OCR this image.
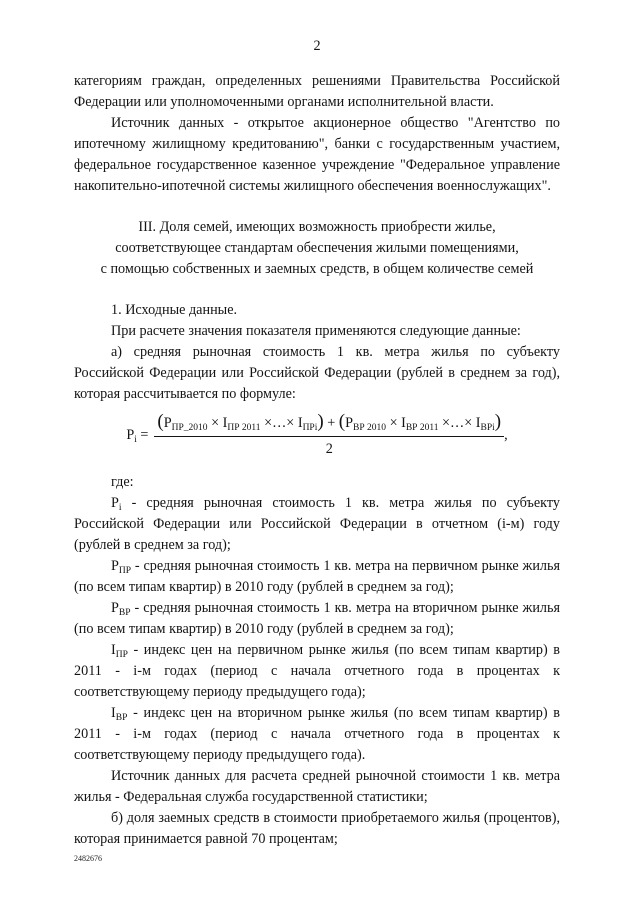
2

категориям граждан, определенных решениями Правительства Российской Федерации или уполномоченными органами исполнительной власти.

Источник данных - открытое акционерное общество "Агентство по ипотечному жилищному кредитованию", банки с государственным участием, федеральное государственное казенное учреждение "Федеральное управление накопительно-ипотечной системы жилищного обеспечения военнослужащих".

III. Доля семей, имеющих возможность приобрести жилье,
соответствующее стандартам обеспечения жилыми помещениями,
с помощью собственных и заемных средств, в общем количестве семей

1. Исходные данные.

При расчете значения показателя применяются следующие данные:

а) средняя рыночная стоимость 1 кв. метра жилья по субъекту Российской Федерации или Российской Федерации (рублей в среднем за год), которая рассчитывается по формуле:

$P_i$ =
($P_{ПР\_2010} \times I_{ПР 2011}$ ×…× $I_{ПРi}) + (P_{ВР 2010} \times I_{ВР 2011}$ ×…× $I_{ВРi}$)
2
,

где:

$P_i$ - средняя рыночная стоимость 1 кв. метра жилья по субъекту Российской Федерации или Российской Федерации в отчетном (i-м) году (рублей в среднем за год);

$P_{ПР}$ - средняя рыночная стоимость 1 кв. метра на первичном рынке жилья (по всем типам квартир) в 2010 году (рублей в среднем за год);

$P_{ВР}$ - средняя рыночная стоимость 1 кв. метра на вторичном рынке жилья (по всем типам квартир) в 2010 году (рублей в среднем за год);

$I_{ПР}$ - индекс цен на первичном рынке жилья (по всем типам квартир) в 2011 - i-м годах (период с начала отчетного года в процентах к соответствующему периоду предыдущего года);

$I_{ВР}$ - индекс цен на вторичном рынке жилья (по всем типам квартир) в 2011 - i-м годах (период с начала отчетного года в процентах к соответствующему периоду предыдущего года).

Источник данных для расчета средней рыночной стоимости 1 кв. метра жилья - Федеральная служба государственной статистики;

б) доля заемных средств в стоимости приобретаемого жилья (процентов), которая принимается равной 70 процентам;

2482676
